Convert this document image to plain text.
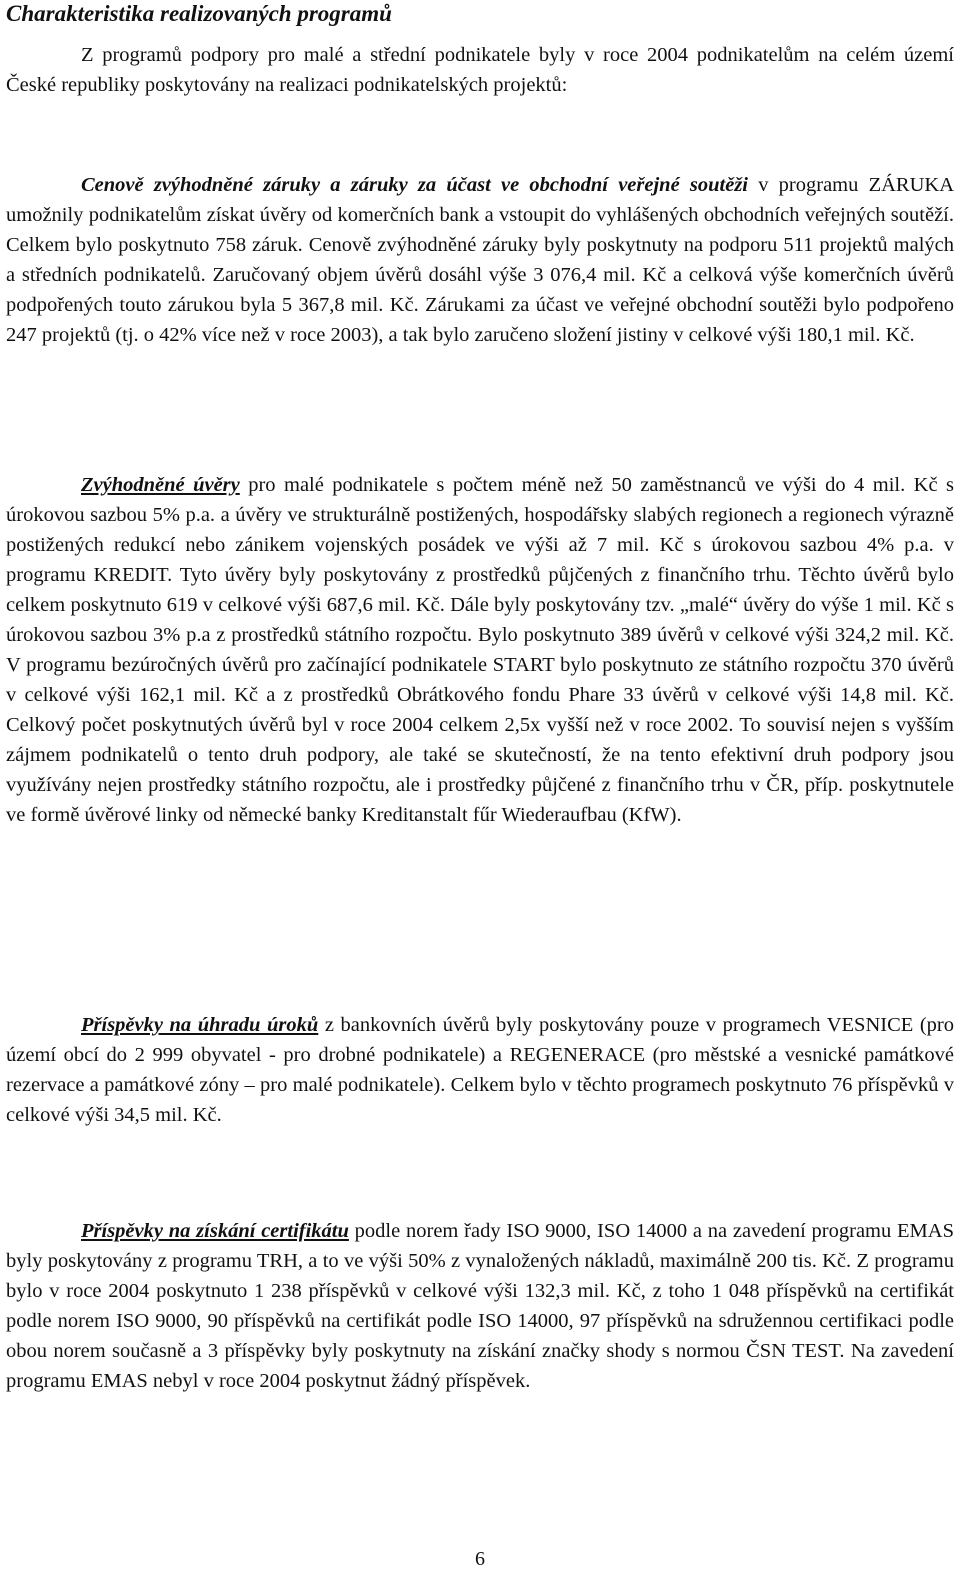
Charakteristika realizovaných programů

Z programů podpory pro malé a střední podnikatele byly v roce 2004 podnikatelům na celém území České republiky poskytovány na realizaci podnikatelských projektů:

Cenově zvýhodněné záruky a záruky za účast ve obchodní veřejné soutěži v programu ZÁRUKA umožnily podnikatelům získat úvěry od komerčních bank a vstoupit do vyhlášených obchodních veřejných soutěží. Celkem bylo poskytnuto 758 záruk. Cenově zvýhodněné záruky byly poskytnuty na podporu 511 projektů malých a středních podnikatelů. Zaručovaný objem úvěrů dosáhl výše 3 076,4 mil. Kč a celková výše komerčních úvěrů podpořených touto zárukou byla 5 367,8 mil. Kč. Zárukami za účast ve veřejné obchodní soutěži bylo podpořeno 247 projektů (tj. o 42% více než v roce 2003), a tak bylo zaručeno složení jistiny v celkové výši 180,1 mil. Kč.

Zvýhodněné úvěry pro malé podnikatele s počtem méně než 50 zaměstnanců ve výši do 4 mil. Kč s úrokovou sazbou 5% p.a. a úvěry ve strukturálně postižených, hospodářsky slabých regionech a regionech výrazně postižených redukcí nebo zánikem vojenských posádek ve výši až 7 mil. Kč s úrokovou sazbou 4% p.a. v programu KREDIT. Tyto úvěry byly poskytovány z prostředků půjčených z finančního trhu. Těchto úvěrů bylo celkem poskytnuto 619 v celkové výši 687,6 mil. Kč. Dále byly poskytovány tzv. „malé“ úvěry do výše 1 mil. Kč s úrokovou sazbou 3% p.a z prostředků státního rozpočtu. Bylo poskytnuto 389 úvěrů v celkové výši 324,2 mil. Kč. V programu bezúročných úvěrů pro začínající podnikatele START bylo poskytnuto ze státního rozpočtu 370 úvěrů v celkové výši 162,1 mil. Kč a z prostředků Obrátkového fondu Phare 33 úvěrů v celkové výši 14,8 mil. Kč. Celkový počet poskytnutých úvěrů byl v roce 2004 celkem 2,5x vyšší než v roce 2002. To souvisí nejen s vyšším zájmem podnikatelů o tento druh podpory, ale také se skutečností, že na tento efektivní druh podpory jsou využívány nejen prostředky státního rozpočtu, ale i prostředky půjčené z finančního trhu v ČR, příp. poskytnutele ve formě úvěrové linky od německé banky Kreditanstalt fűr Wiederaufbau (KfW).

Příspěvky na úhradu úroků z bankovních úvěrů byly poskytovány pouze v programech VESNICE (pro území obcí do 2 999 obyvatel - pro drobné podnikatele) a REGENERACE (pro městské a vesnické památkové rezervace a památkové zóny – pro malé podnikatele). Celkem bylo v těchto programech poskytnuto 76 příspěvků v celkové výši 34,5 mil. Kč.

Příspěvky na získání certifikátu podle norem řady ISO 9000, ISO 14000 a na zavedení programu EMAS byly poskytovány z programu TRH, a to ve výši 50% z vynaložených nákladů, maximálně 200 tis. Kč. Z programu bylo v roce 2004 poskytnuto 1 238 příspěvků v celkové výši 132,3 mil. Kč, z toho 1 048 příspěvků na certifikát podle norem ISO 9000, 90 příspěvků na certifikát podle ISO 14000, 97 příspěvků na sdružennou certifikaci podle obou norem současně a 3 příspěvky byly poskytnuty na získání značky shody s normou ČSN TEST. Na zavedení programu EMAS nebyl v roce 2004 poskytnut žádný příspěvek.

6
